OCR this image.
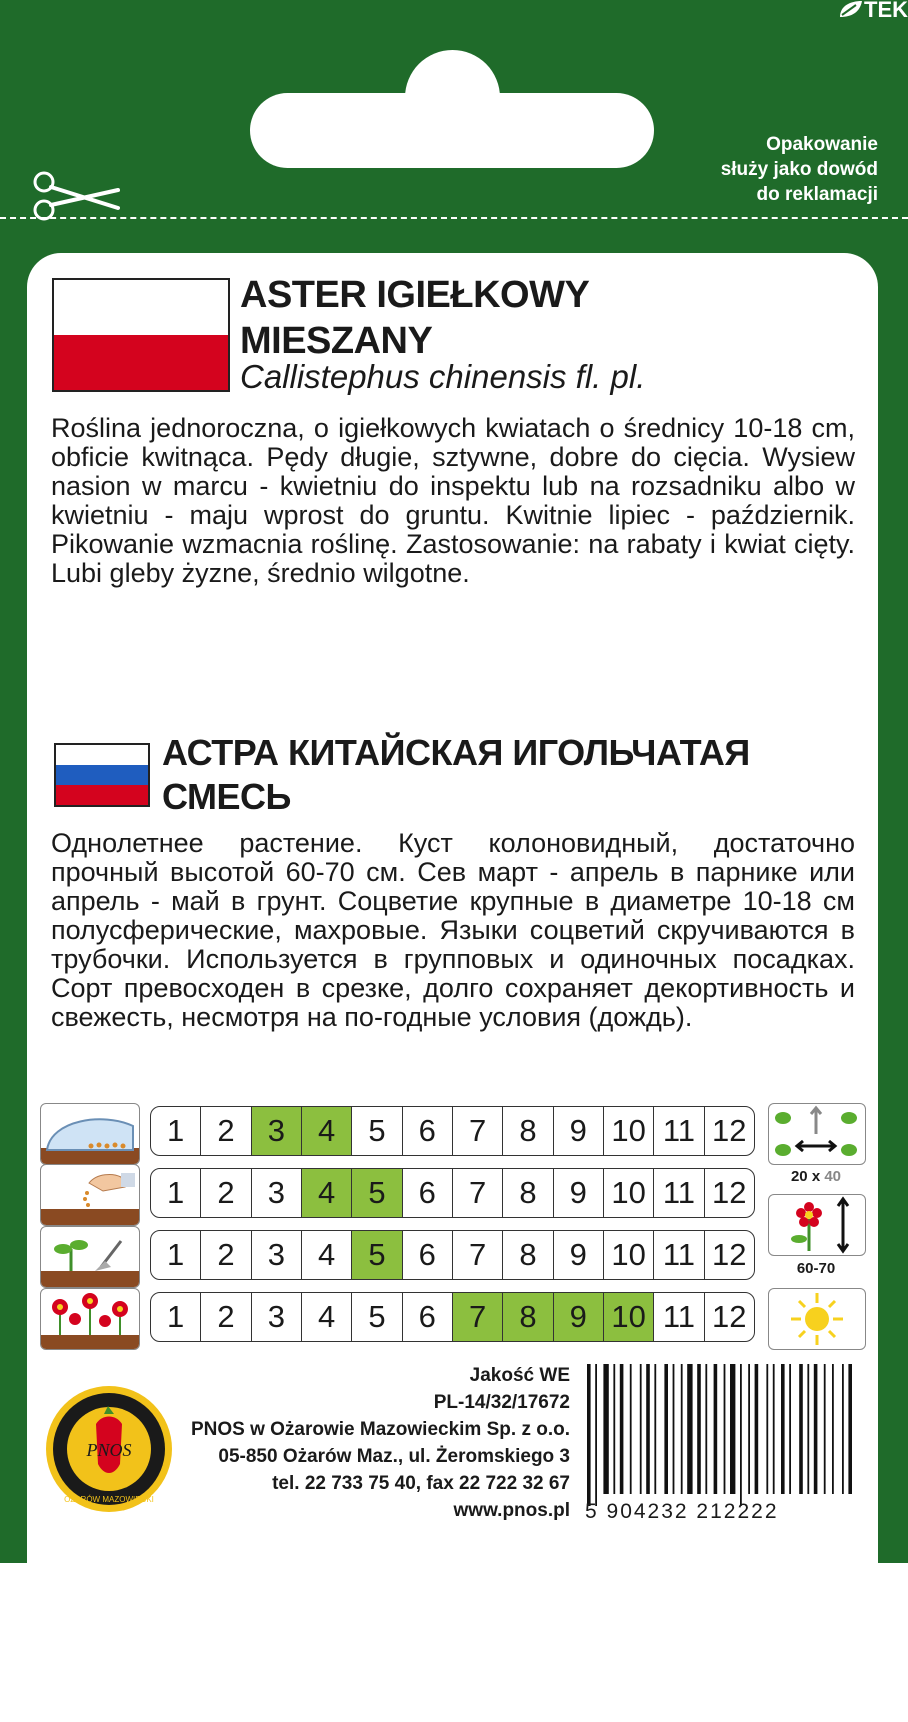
TEK
Opakowanie
służy jako dowód
do reklamacji
ASTER IGIEŁKOWY
MIESZANY
Callistephus chinensis fl. pl.
Roślina jednoroczna, o igiełkowych kwiatach o średnicy 10-18 cm, obficie kwitnąca. Pędy długie, sztywne, dobre do cięcia. Wysiew nasion w marcu - kwietniu do inspektu lub na rozsadniku albo w kwietniu - maju wprost do gruntu. Kwitnie lipiec - październik. Pikowanie wzmacnia roślinę. Zastosowanie: na rabaty i kwiat cięty. Lubi gleby żyzne, średnio wilgotne.
АСТРА КИТАЙСКАЯ ИГОЛЬЧАТАЯ
СМЕСЬ
Однолетнее растение. Куст колоновидный, достаточно прочный высотой 60-70 см. Сев март - апрель в парнике или апрель - май в грунт. Соцветие крупные в диаметре 10-18 см полусферические, махровые. Языки соцветий скручиваются в трубочки. Используется в групповых и одиночных посадках. Сорт превосходен в срезке, долго сохраняет декортивность и свежесть, несмотря на по-годные условия (дождь).
1	2	3	4	5	6	7	8	9 10 11 12
1	2	3	4	5	6	7	8	9 10 11 12
1	2	3	4	5	6	7	8	9 10 11 12
1	2	3	4	5	6	7	8	9 10 11 12
20 x 40
60-70
PNOS
OŻARÓW MAZOWIECKI
Jakość WE
PL-14/32/17672
PNOS w Ożarowie Mazowieckim Sp. z o.o.
05-850 Ożarów Maz., ul. Żeromskiego 3
tel. 22 733 75 40, fax 22 722 32 67
www.pnos.pl 5 904232 212222
